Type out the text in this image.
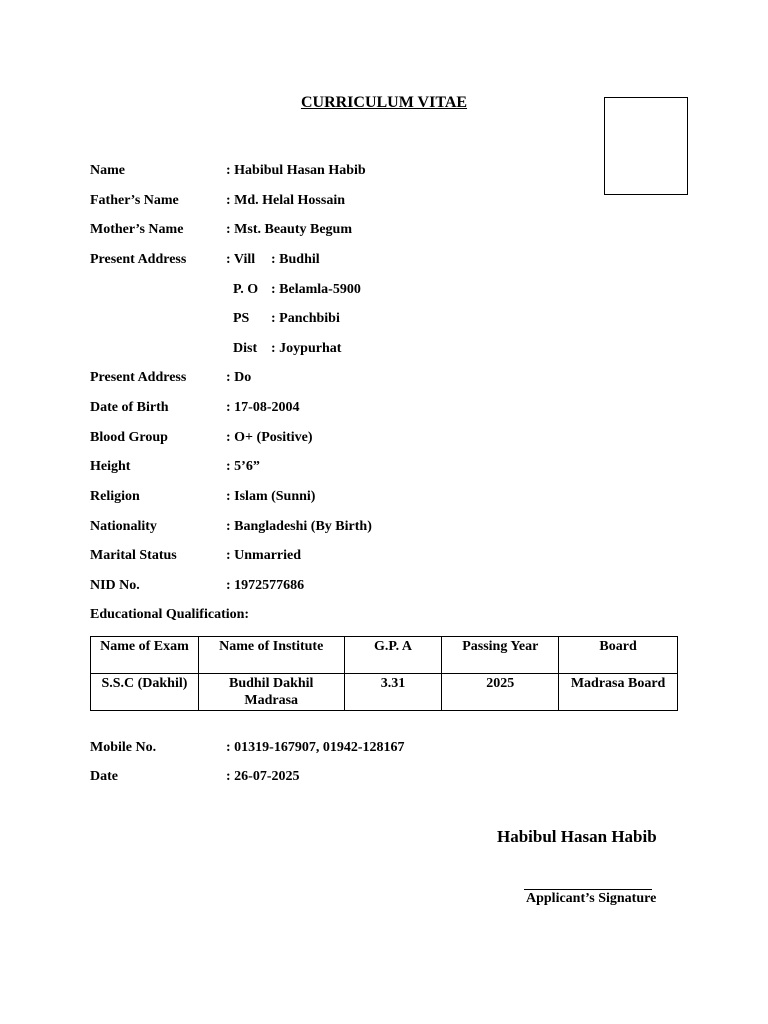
CURRICULUM VITAE
Name	: Habibul Hasan Habib
Father’s Name	: Md. Helal Hossain
Mother’s Name	: Mst. Beauty Begum
Present Address	: Vill : Budhil
P. O : Belamla-5900
PS : Panchbibi
Dist : Joypurhat
Present Address	: Do
Date of Birth	: 17-08-2004
Blood Group	: O+ (Positive)
Height	: 5’6”
Religion	: Islam (Sunni)
Nationality	: Bangladeshi (By Birth)
Marital Status	: Unmarried
NID No.	: 1972577686
Educational Qualification:
Name of Exam	Name of Institute	G.P. A	Passing Year	Board
S.S.C (Dakhil)	Budhil Dakhil Madrasa	3.31	2025	Madrasa Board
Mobile No.	: 01319-167907, 01942-128167
Date	: 26-07-2025
Habibul Hasan Habib
Applicant’s Signature
